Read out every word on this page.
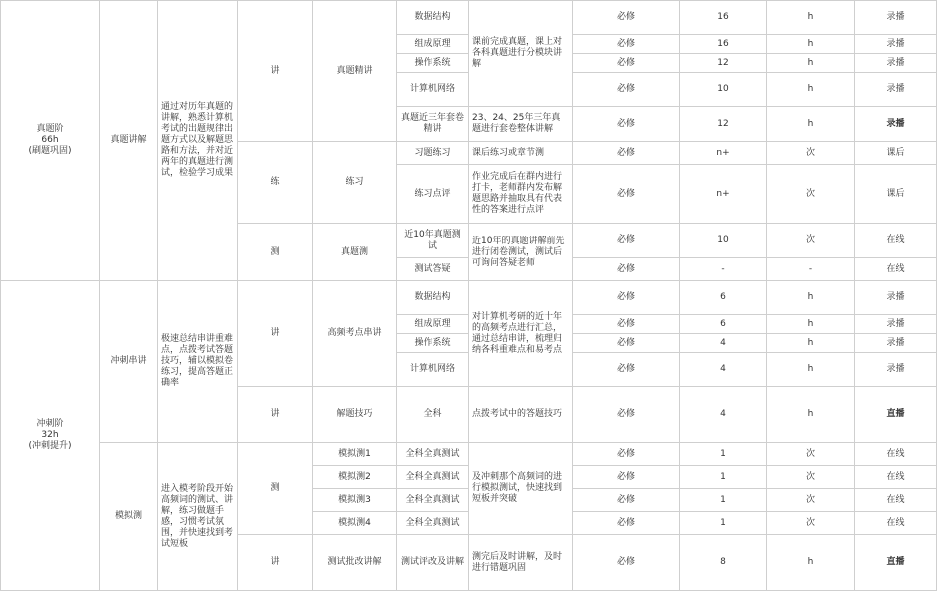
真题阶
66h
(刷题巩固)	真题讲解	通过对历年真题的讲解，熟悉计算机考试的出题规律出题方式以及解题思路和方法，并对近两年的真题进行测试，检验学习成果	讲	真题精讲	数据结构	课前完成真题，课上对各科真题进行分模块讲解	必修	16	h	录播	
					组成原理		必修	16	h	录播	
					操作系统		必修	12	h	录播	
					计算机网络		必修	10	h	录播	
					真题近三年套卷精讲	23、24、25年三年真题进行套卷整体讲解	必修	12	h	录播	
			练	练习	习题练习	课后练习或章节测	必修	n+	次	课后	
					练习点评	作业完成后在群内进行打卡，老师群内发布解题思路并抽取具有代表性的答案进行点评	必修	n+	次	课后	
			测	真题测	近10年真题测试	近10年的真题讲解前先进行闭卷测试，测试后可询问答疑老师	必修	10	次	在线	
					测试答疑		必修	-	-	在线	
冲刺阶
32h
(冲刺提升)	冲刺串讲	极速总结串讲重难点，点拨考试答题技巧，辅以模拟卷练习，提高答题正确率	讲	高频考点串讲	数据结构	对计算机考研的近十年的高频考点进行汇总，通过总结串讲，梳理归纳各科重难点和易考点	必修	6	h	录播	
					组成原理		必修	6	h	录播	
					操作系统		必修	4	h	录播	
					计算机网络		必修	4	h	录播	
			讲	解题技巧	全科	点拨考试中的答题技巧	必修	4	h	直播	
	模拟测	进入模考阶段开始高频词的测试、讲解，练习做题手感，习惯考试氛围，并快速找到考试短板	测	模拟测1	全科全真测试	及冲刺那个高频词的进行模拟测试，快速找到短板并突破	必修	1	次	在线	
				模拟测2	全科全真测试		必修	1	次	在线	
				模拟测3	全科全真测试		必修	1	次	在线	
				模拟测4	全科全真测试		必修	1	次	在线	
			讲	测试批改讲解	测试评改及讲解	测完后及时讲解，及时进行错题巩固	必修	8	h	直播	
